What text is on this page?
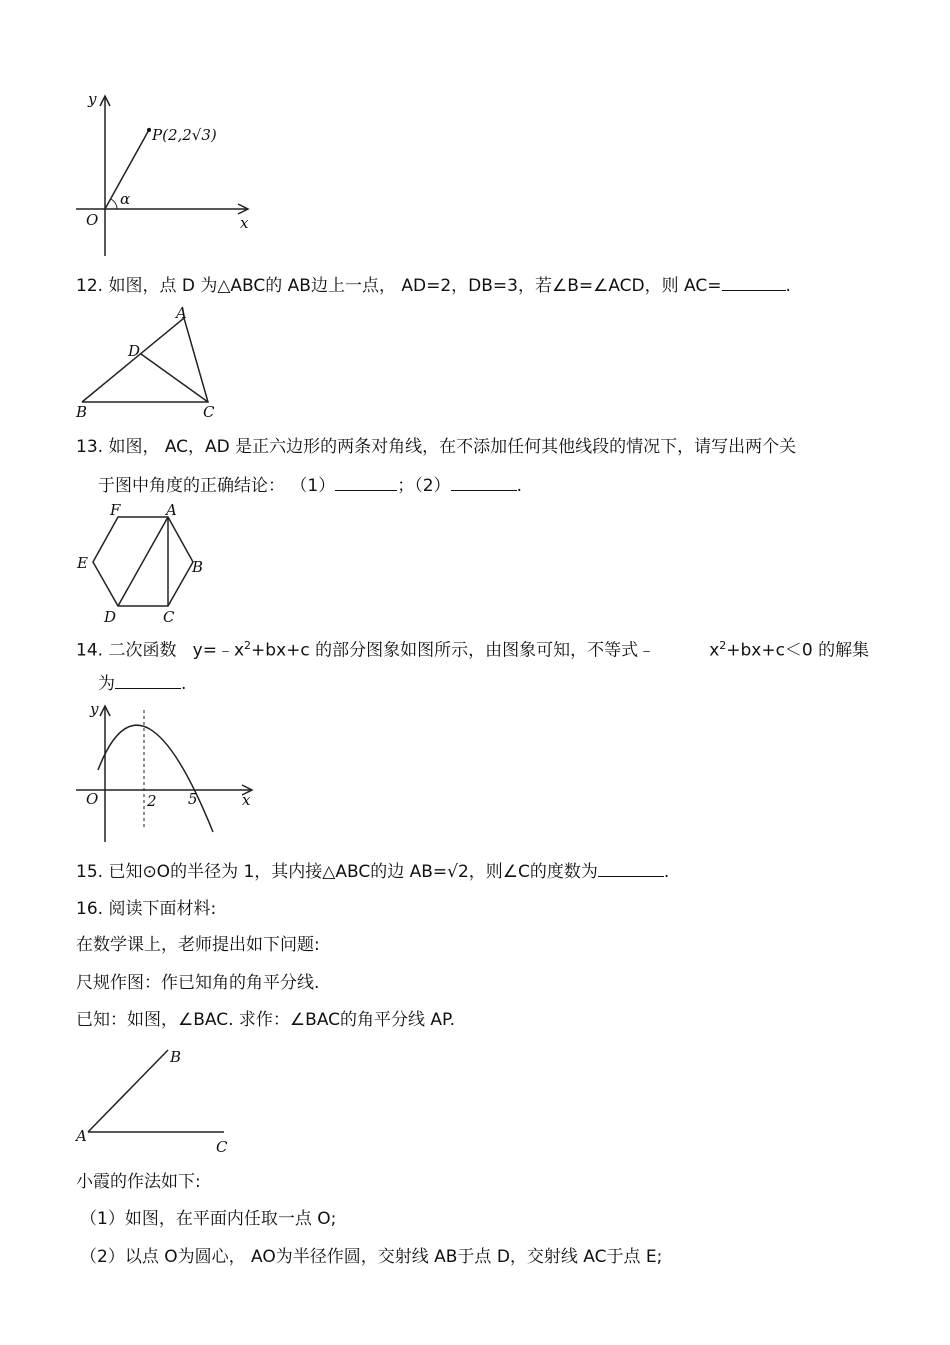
y
x
O
α
P(2,2√3)
12. 如图，点 D 为△ABC的 AB边上一点， AD=2，DB=3，若∠B=∠ACD，则 AC=	.
A
B	C
D
13. 如图， AC，AD 是正六边形的两条对角线，在不添加任何其他线段的情况下，请写出两个关
于图中角度的正确结论： （1）	；（2）	.
F	A
E	B
D	C
14. 二次函数 $y=﹣x^2+bx+c$ 的部分图象如图所示，由图象可知，不等式﹣	$x^2+bx+c<0$ 的解集
为	.
y
x
O	2 5
15. 已知⊙O的半径为 1，其内接△ABC的边 AB=√2，则∠C的度数为	.
16. 阅读下面材料:
在数学课上，老师提出如下问题:
尺规作图：作已知角的角平分线.
已知：如图，∠BAC. 求作：∠BAC的角平分线 AP.
A
B
C
小霞的作法如下:
（1）如图，在平面内任取一点 O;
（2）以点 O为圆心， AO为半径作圆，交射线 AB于点 D，交射线 AC于点 E;
